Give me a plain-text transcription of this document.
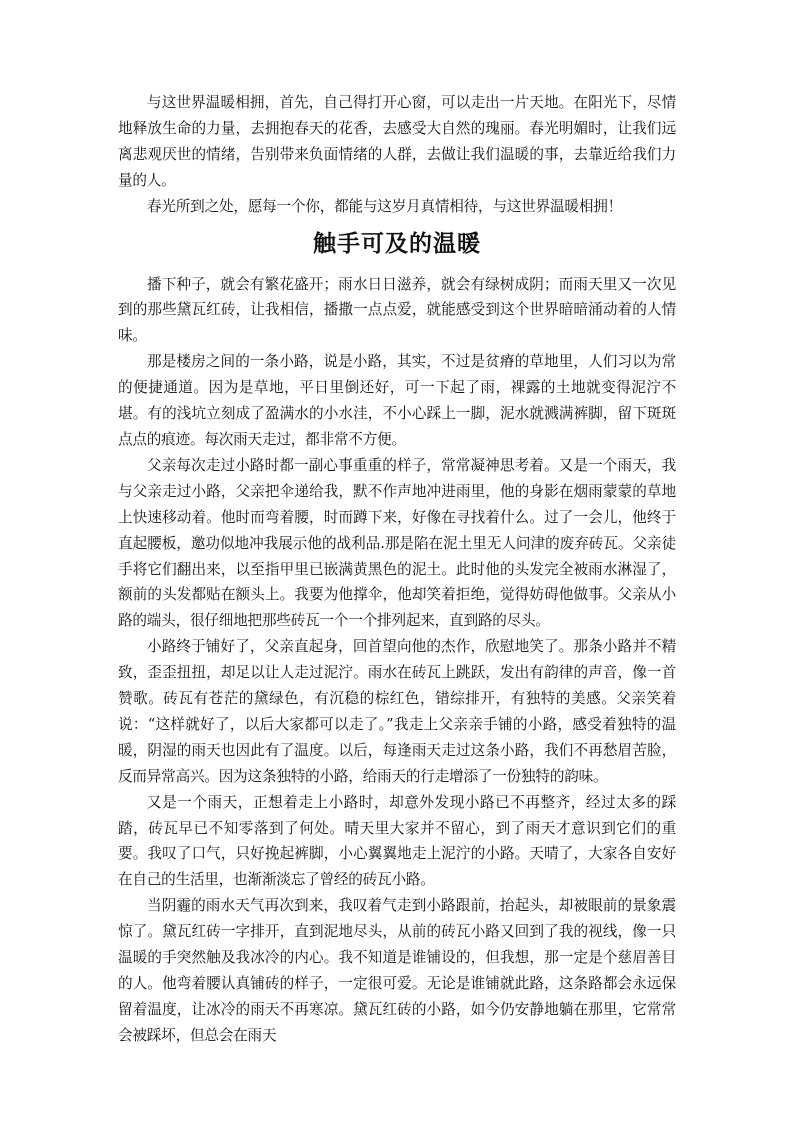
与这世界温暖相拥，首先，自己得打开心窗，可以走出一片天地。在阳光下，尽情地释放生命的力量，去拥抱春天的花香，去感受大自然的瑰丽。春光明媚时，让我们远离悲观厌世的情绪，告别带来负面情绪的人群，去做让我们温暖的事，去靠近给我们力量的人。

春光所到之处，愿每一个你，都能与这岁月真情相待，与这世界温暖相拥！

触手可及的温暖

播下种子，就会有繁花盛开；雨水日日滋养，就会有绿树成阴；而雨天里又一次见到的那些黛瓦红砖，让我相信，播撒一点点爱，就能感受到这个世界暗暗涌动着的人情味。

那是楼房之间的一条小路，说是小路，其实，不过是贫瘠的草地里，人们习以为常的便捷通道。因为是草地，平日里倒还好，可一下起了雨，裸露的土地就变得泥泞不堪。有的浅坑立刻成了盈满水的小水洼，不小心踩上一脚，泥水就溅满裤脚，留下斑斑点点的痕迹。每次雨天走过，都非常不方便。

父亲每次走过小路时都一副心事重重的样子，常常凝神思考着。又是一个雨天，我与父亲走过小路，父亲把伞递给我，默不作声地冲进雨里，他的身影在烟雨蒙蒙的草地上快速移动着。他时而弯着腰，时而蹲下来，好像在寻找着什么。过了一会儿，他终于直起腰板，邀功似地冲我展示他的战利品.那是陷在泥土里无人问津的废弃砖瓦。父亲徒手将它们翻出来，以至指甲里已嵌满黄黑色的泥土。此时他的头发完全被雨水淋湿了，额前的头发都贴在额头上。我要为他撑伞，他却笑着拒绝，觉得妨碍他做事。父亲从小路的端头，很仔细地把那些砖瓦一个一个排列起来，直到路的尽头。

小路终于铺好了，父亲直起身，回首望向他的杰作，欣慰地笑了。那条小路并不精致，歪歪扭扭，却足以让人走过泥泞。雨水在砖瓦上跳跃，发出有韵律的声音，像一首赞歌。砖瓦有苍茫的黛绿色，有沉稳的棕红色，错综排开，有独特的美感。父亲笑着说：“这样就好了，以后大家都可以走了。”我走上父亲亲手铺的小路，感受着独特的温暖，阴湿的雨天也因此有了温度。以后，每逢雨天走过这条小路，我们不再愁眉苦脸，反而异常高兴。因为这条独特的小路，给雨天的行走增添了一份独特的韵味。

又是一个雨天，正想着走上小路时，却意外发现小路已不再整齐，经过太多的踩踏，砖瓦早已不知零落到了何处。晴天里大家并不留心，到了雨天才意识到它们的重要。我叹了口气，只好挽起裤脚，小心翼翼地走上泥泞的小路。天晴了，大家各自安好在自己的生活里，也渐渐淡忘了曾经的砖瓦小路。

当阴霾的雨水天气再次到来，我叹着气走到小路跟前，抬起头，却被眼前的景象震惊了。黛瓦红砖一字排开，直到泥地尽头，从前的砖瓦小路又回到了我的视线，像一只温暖的手突然触及我冰冷的内心。我不知道是谁铺设的，但我想，那一定是个慈眉善目的人。他弯着腰认真铺砖的样子，一定很可爱。无论是谁铺就此路，这条路都会永远保留着温度，让冰冷的雨天不再寒凉。黛瓦红砖的小路，如今仍安静地躺在那里，它常常会被踩坏，但总会在雨天
